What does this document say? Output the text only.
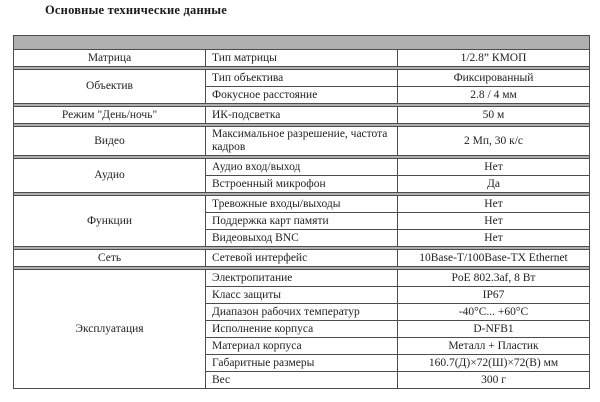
Основные технические данные

Матрица	Тип матрицы	1/2.8” КМОП

Объектив	Тип объектива	Фиксированный
	Фокусное расстояние	2.8 / 4 мм

Режим "День/ночь"	ИК-подсветка	50 м

Видео	Максимальное разрешение, частота кадров	2 Мп, 30 к/с

Аудио	Аудио вход/выход	Нет
	Встроенный микрофон	Да

Функции	Тревожные входы/выходы	Нет
	Поддержка карт памяти	Нет
	Видеовыход BNC	Нет

Сеть	Сетевой интерфейс	10Base-T/100Base-TX Ethernet

Эксплуатация	Электропитание	PoE 802.3af, 8 Вт
	Класс защиты	IP67
	Диапазон рабочих температур	-40°C... +60°C
	Исполнение корпуса	D-NFB1
	Материал корпуса	Металл + Пластик
	Габаритные размеры	160.7(Д)×72(Ш)×72(В) мм
	Вес	300 г
